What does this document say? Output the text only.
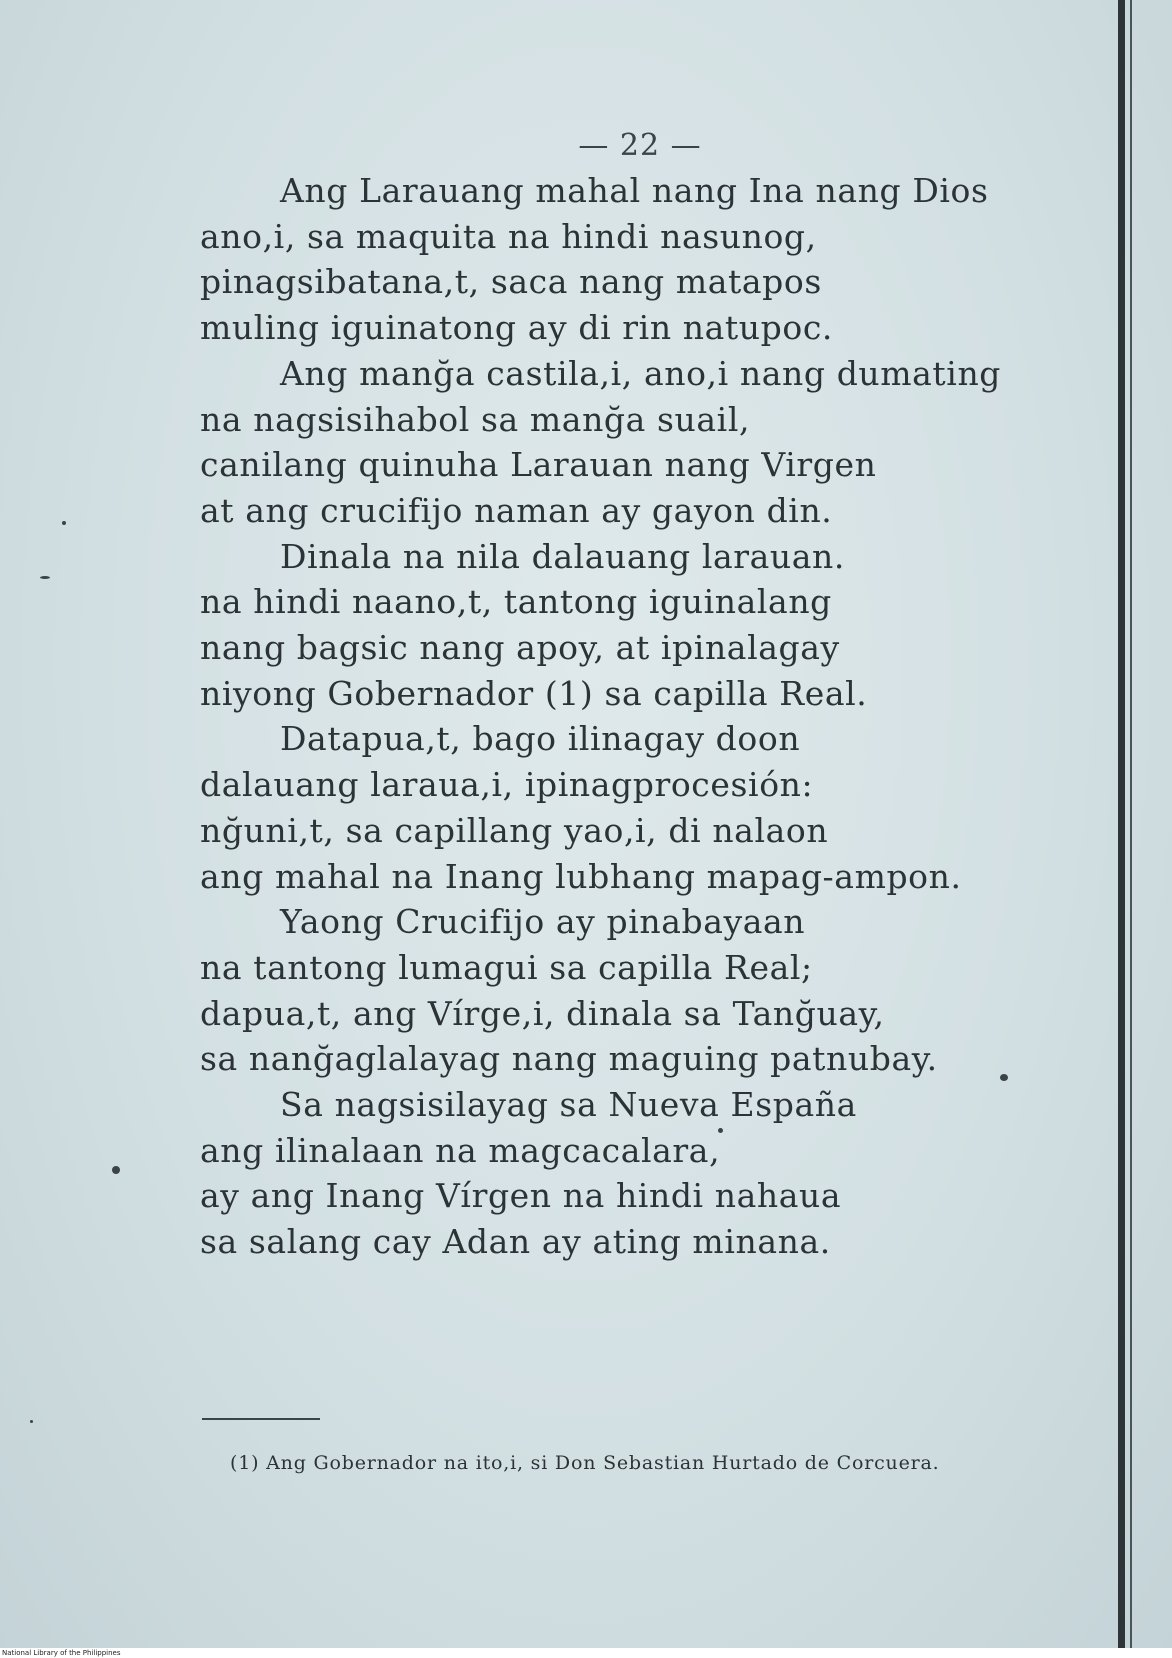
— 22 —
Ang Larauang mahal nang Ina nang Dios
ano,i, sa maquita na hindi nasunog,
pinagsibatana,t, saca nang matapos
muling iguinatong ay di rin natupoc.
Ang manğa castila,i, ano,i nang dumating
na nagsisihabol sa manğa suail,
canilang quinuha Larauan nang Virgen
at ang crucifijo naman ay gayon din.
Dinala na nila dalauang larauan.
na hindi naano,t, tantong iguinalang
nang bagsic nang apoy, at ipinalagay
niyong Gobernador (1) sa capilla Real.
Datapua,t, bago ilinagay doon
dalauang laraua,i, ipinagprocesión:
nğuni,t, sa capillang yao,i, di nalaon
ang mahal na Inang lubhang mapag-ampon.
Yaong Crucifijo ay pinabayaan
na tantong lumagui sa capilla Real;
dapua,t, ang Vírge,i, dinala sa Tanğuay,
sa nanğaglalayag nang maguing patnubay.
Sa nagsisilayag sa Nueva España
ang ilinalaan na magcacalara,
ay ang Inang Vírgen na hindi nahaua
sa salang cay Adan ay ating minana.
(1) Ang Gobernador na ito,i, si Don Sebastian Hurtado de Corcuera.
National Library of the Philippines
